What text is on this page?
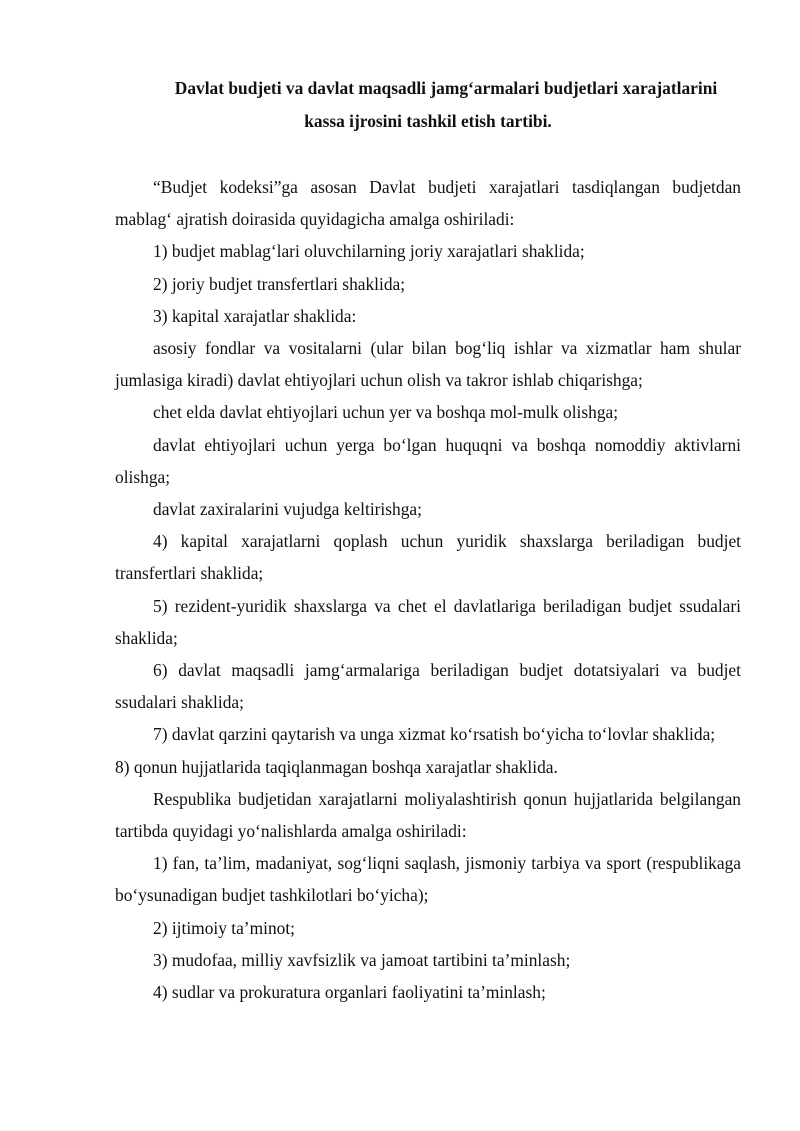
Davlat budjeti va davlat maqsadli jamg‘armalari budjetlari xarajatlarini
kassa ijrosini tashkil etish tartibi.

“Budjet kodeksi”ga asosan Davlat budjeti xarajatlari tasdiqlangan budjetdan mablag‘ ajratish doirasida quyidagicha amalga oshiriladi:

1) budjet mablag‘lari oluvchilarning joriy xarajatlari shaklida;

2) joriy budjet transfertlari shaklida;

3) kapital xarajatlar shaklida:

asosiy fondlar va vositalarni (ular bilan bog‘liq ishlar va xizmatlar ham shular jumlasiga kiradi) davlat ehtiyojlari uchun olish va takror ishlab chiqarishga;

chet elda davlat ehtiyojlari uchun yer va boshqa mol-mulk olishga;

davlat ehtiyojlari uchun yerga bo‘lgan huquqni va boshqa nomoddiy aktivlarni olishga;

davlat zaxiralarini vujudga keltirishga;

4) kapital xarajatlarni qoplash uchun yuridik shaxslarga beriladigan budjet transfertlari shaklida;

5) rezident-yuridik shaxslarga va chet el davlatlariga beriladigan budjet ssudalari shaklida;

6) davlat maqsadli jamg‘armalariga beriladigan budjet dotatsiyalari va budjet ssudalari shaklida;

7) davlat qarzini qaytarish va unga xizmat ko‘rsatish bo‘yicha to‘lovlar shaklida;

8) qonun hujjatlarida taqiqlanmagan boshqa xarajatlar shaklida.

Respublika budjetidan xarajatlarni moliyalashtirish qonun hujjatlarida belgilangan tartibda quyidagi yo‘nalishlarda amalga oshiriladi:

1) fan, ta’lim, madaniyat, sog‘liqni saqlash, jismoniy tarbiya va sport (respublikaga bo‘ysunadigan budjet tashkilotlari bo‘yicha);

2) ijtimoiy ta’minot;

3) mudofaa, milliy xavfsizlik va jamoat tartibini ta’minlash;

4) sudlar va prokuratura organlari faoliyatini ta’minlash;
